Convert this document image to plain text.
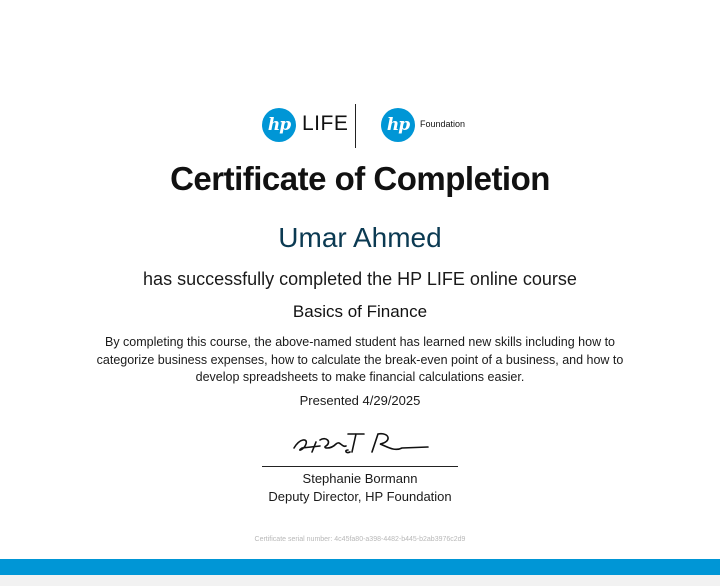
hp LIFE	hp	Foundation
Certificate of Completion
Umar Ahmed
has successfully completed the HP LIFE online course
Basics of Finance
By completing this course, the above-named student has learned new skills including how to categorize business expenses, how to calculate the break-even point of a business, and how to develop spreadsheets to make financial calculations easier.
Presented 4/29/2025
Stephanie Bormann
Deputy Director, HP Foundation
Certificate serial number: 4c45fa80-a398-4482-b445-b2ab3976c2d9
